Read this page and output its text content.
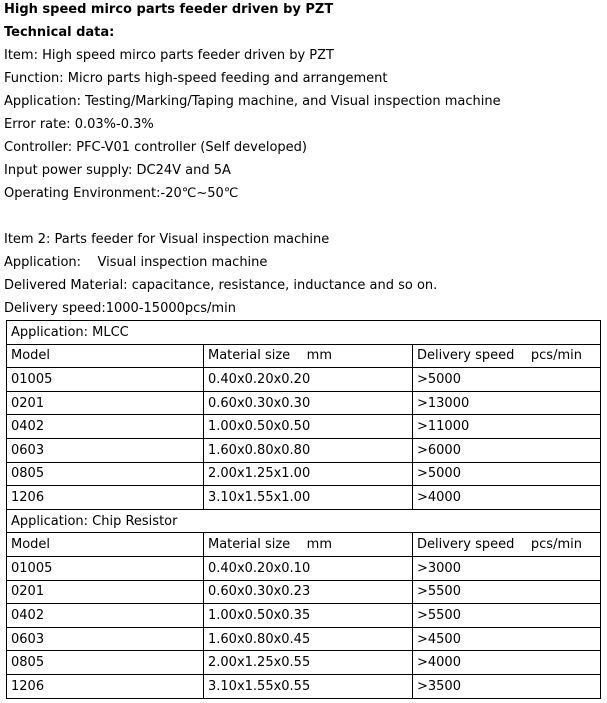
High speed mirco parts feeder driven by PZT
Technical data:
Item: High speed mirco parts feeder driven by PZT
Function: Micro parts high-speed feeding and arrangement
Application: Testing/Marking/Taping machine, and Visual inspection machine
Error rate: 0.03%-0.3%
Controller: PFC-V01 controller (Self developed)
Input power supply: DC24V and 5A
Operating Environment:-20℃~50℃
Item 2: Parts feeder for Visual inspection machine
Application:    Visual inspection machine
Delivered Material: capacitance, resistance, inductance and so on.
Delivery speed:1000-15000pcs/min
Application: MLCC		
Model	Material size    mm	Delivery speed    pcs/min
01005	0.40x0.20x0.20	>5000
0201	0.60x0.30x0.30	>13000
0402	1.00x0.50x0.50	>11000
0603	1.60x0.80x0.80	>6000
0805	2.00x1.25x1.00	>5000
1206	3.10x1.55x1.00	>4000
Application: Chip Resistor		
Model	Material size    mm	Delivery speed    pcs/min
01005	0.40x0.20x0.10	>3000
0201	0.60x0.30x0.23	>5500
0402	1.00x0.50x0.35	>5500
0603	1.60x0.80x0.45	>4500
0805	2.00x1.25x0.55	>4000
1206	3.10x1.55x0.55	>3500
